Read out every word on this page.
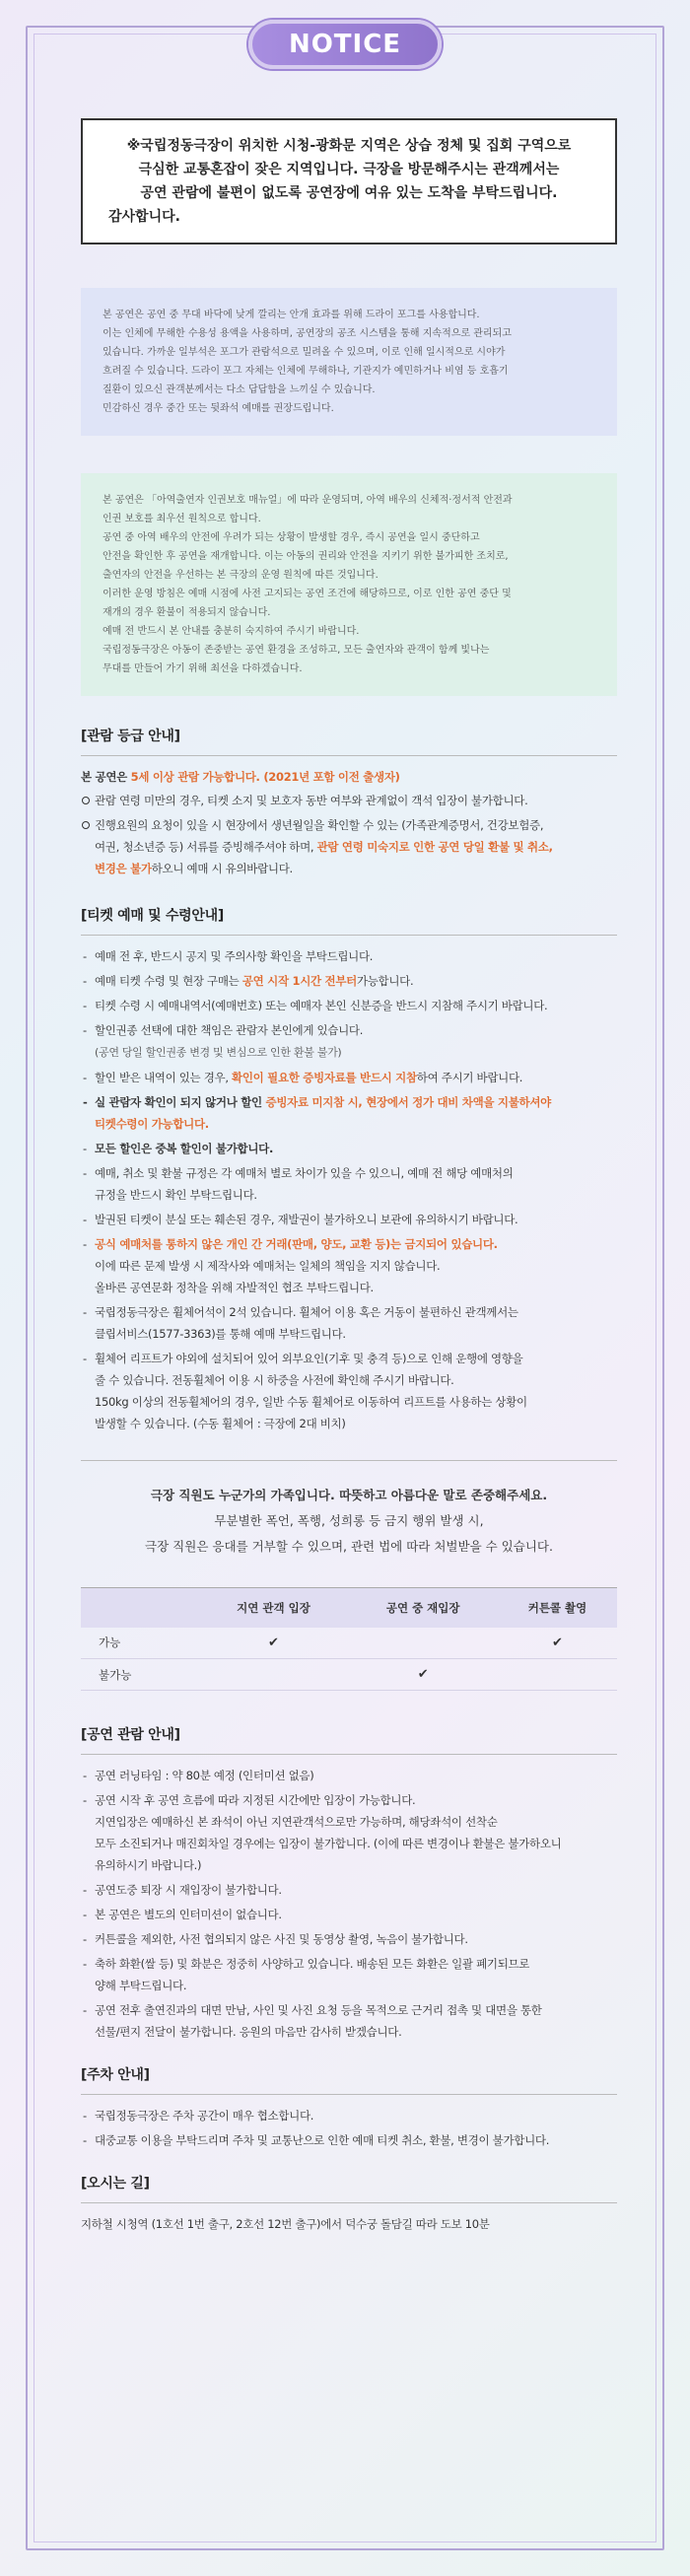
NOTICE
※국립정동극장이 위치한 시청-광화문 지역은 상습 정체 및 집회 구역으로
극심한 교통혼잡이 잦은 지역입니다. 극장을 방문해주시는 관객께서는
공연 관람에 불편이 없도록 공연장에 여유 있는 도착을 부탁드립니다.

감사합니다.

본 공연은 공연 중 무대 바닥에 낮게 깔리는 안개 효과를 위해 드라이 포그를 사용합니다.
이는 인체에 무해한 수용성 용액을 사용하며, 공연장의 공조 시스템을 통해 지속적으로 관리되고
있습니다. 가까운 일부석은 포그가 관람석으로 밀려올 수 있으며, 이로 인해 일시적으로 시야가
흐려질 수 있습니다. 드라이 포그 자체는 인체에 무해하나, 기관지가 예민하거나 비염 등 호흡기
질환이 있으신 관객분께서는 다소 답답함을 느끼실 수 있습니다.
민감하신 경우 중간 또는 뒷좌석 예매를 권장드립니다.
본 공연은 「아역출연자 인권보호 매뉴얼」에 따라 운영되며, 아역 배우의 신체적·정서적 안전과
인권 보호를 최우선 원칙으로 합니다.
공연 중 아역 배우의 안전에 우려가 되는 상황이 발생할 경우, 즉시 공연을 일시 중단하고
안전을 확인한 후 공연을 재개합니다. 이는 아동의 권리와 안전을 지키기 위한 불가피한 조치로,
출연자의 안전을 우선하는 본 극장의 운영 원칙에 따른 것입니다.
이러한 운영 방침은 예매 시점에 사전 고지되는 공연 조건에 해당하므로, 이로 인한 공연 중단 및
재개의 경우 환불이 적용되지 않습니다.
예매 전 반드시 본 안내를 충분히 숙지하여 주시기 바랍니다.
국립정동극장은 아동이 존중받는 공연 환경을 조성하고, 모든 출연자와 관객이 함께 빛나는
무대를 만들어 가기 위해 최선을 다하겠습니다.
[관람 등급 안내]
본 공연은 5세 이상 관람 가능합니다. (2021년 포함 이전 출생자)
관람 연령 미만의 경우, 티켓 소지 및 보호자 동반 여부와 관계없이 객석 입장이 불가합니다.
진행요원의 요청이 있을 시 현장에서 생년월일을 확인할 수 있는 (가족관계증명서, 건강보험증,
여권, 청소년증 등) 서류를 증빙해주셔야 하며, 관람 연령 미숙지로 인한 공연 당일 환불 및 취소,
변경은 불가하오니 예매 시 유의바랍니다.
[티켓 예매 및 수령안내]
- 예매 전 후, 반드시 공지 및 주의사항 확인을 부탁드립니다.
- 예매 티켓 수령 및 현장 구매는 공연 시작 1시간 전부터가능합니다.
- 티켓 수령 시 예매내역서(예매번호) 또는 예매자 본인 신분증을 반드시 지참해 주시기 바랍니다.
- 할인권종 선택에 대한 책임은 관람자 본인에게 있습니다.
(공연 당일 할인권종 변경 및 변심으로 인한 환불 불가)
- 할인 받은 내역이 있는 경우, 확인이 필요한 증빙자료를 반드시 지참하여 주시기 바랍니다.
- 실 관람자 확인이 되지 않거나 할인 증빙자료 미지참 시, 현장에서 정가 대비 차액을 지불하셔야
티켓수령이 가능합니다.
- 모든 할인은 중복 할인이 불가합니다.
- 예매, 취소 및 환불 규정은 각 예매처 별로 차이가 있을 수 있으니, 예매 전 해당 예매처의
규정을 반드시 확인 부탁드립니다.
- 발권된 티켓이 분실 또는 훼손된 경우, 재발권이 불가하오니 보관에 유의하시기 바랍니다.
- 공식 예매처를 통하지 않은 개인 간 거래(판매, 양도, 교환 등)는 금지되어 있습니다.
이에 따른 문제 발생 시 제작사와 예매처는 일체의 책임을 지지 않습니다.
올바른 공연문화 정착을 위해 자발적인 협조 부탁드립니다.
- 국립정동극장은 휠체어석이 2석 있습니다. 휠체어 이용 혹은 거동이 불편하신 관객께서는
클립서비스(1577-3363)를 통해 예매 부탁드립니다.
- 휠체어 리프트가 야외에 설치되어 있어 외부요인(기후 및 충격 등)으로 인해 운행에 영향을
줄 수 있습니다. 전동휠체어 이용 시 하중을 사전에 확인해 주시기 바랍니다.
150kg 이상의 전동휠체어의 경우, 일반 수동 휠체어로 이동하여 리프트를 사용하는 상황이
발생할 수 있습니다. (수동 휠체어 : 극장에 2대 비치)
극장 직원도 누군가의 가족입니다. 따뜻하고 아름다운 말로 존중해주세요.
무분별한 폭언, 폭행, 성희롱 등 금지 행위 발생 시,
극장 직원은 응대를 거부할 수 있으며, 관련 법에 따라 처벌받을 수 있습니다.
	지연 관객 입장	공연 중 재입장	커튼콜 촬영
가능	✔		✔
불가능		✔	
[공연 관람 안내]
- 공연 러닝타임 : 약 80분 예정 (인터미션 없음)
- 공연 시작 후 공연 흐름에 따라 지정된 시간에만 입장이 가능합니다.
지연입장은 예매하신 본 좌석이 아닌 지연관객석으로만 가능하며, 해당좌석이 선착순
모두 소진되거나 매진회차일 경우에는 입장이 불가합니다. (이에 따른 변경이나 환불은 불가하오니
유의하시기 바랍니다.)
- 공연도중 퇴장 시 재입장이 불가합니다.
- 본 공연은 별도의 인터미션이 없습니다.
- 커튼콜을 제외한, 사전 협의되지 않은 사진 및 동영상 촬영, 녹음이 불가합니다.
- 축하 화환(쌀 등) 및 화분은 정중히 사양하고 있습니다. 배송된 모든 화환은 일괄 폐기되므로
양해 부탁드립니다.
- 공연 전후 출연진과의 대면 만남, 사인 및 사진 요청 등을 목적으로 근거리 접촉 및 대면을 통한
선물/편지 전달이 불가합니다. 응원의 마음만 감사히 받겠습니다.
[주차 안내]
- 국립정동극장은 주차 공간이 매우 협소합니다.
- 대중교통 이용을 부탁드리며 주차 및 교통난으로 인한 예매 티켓 취소, 환불, 변경이 불가합니다.
[오시는 길]
지하철 시청역 (1호선 1번 출구, 2호선 12번 출구)에서 덕수궁 돌담길 따라 도보 10분
